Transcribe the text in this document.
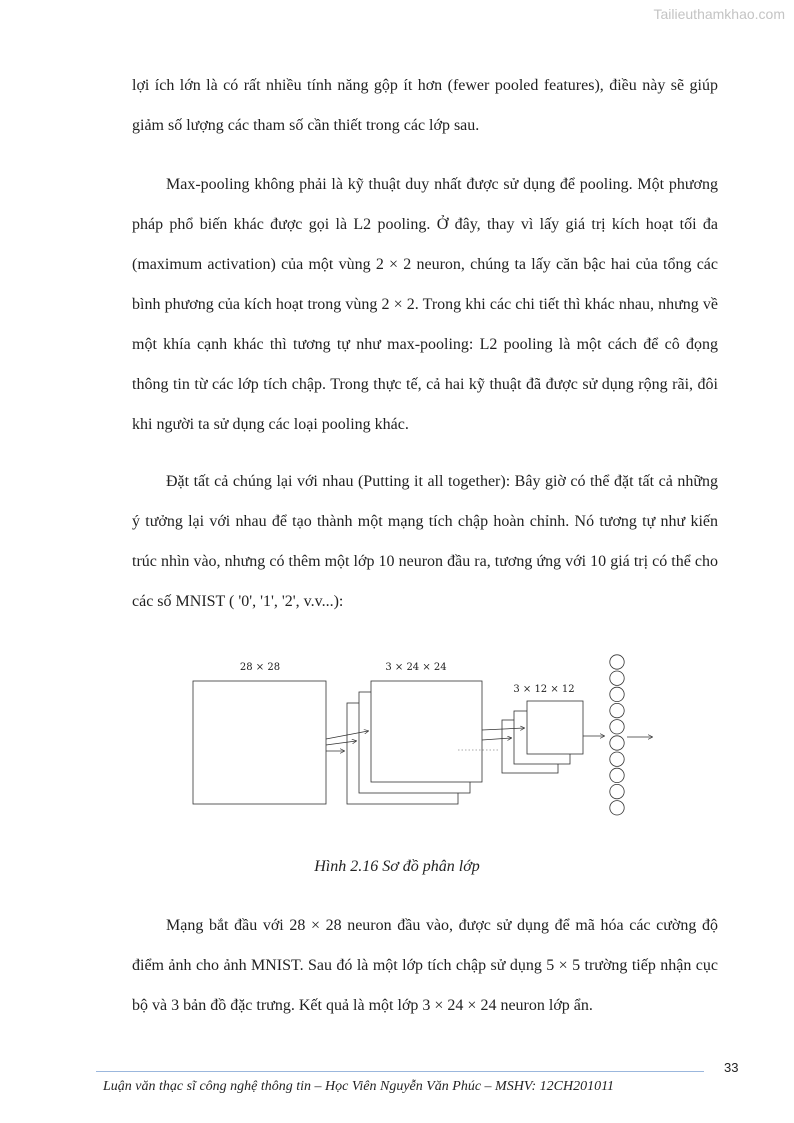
Tailieuthamkhao.com

lợi ích lớn là có rất nhiều tính năng gộp ít hơn (fewer pooled features), điều này sẽ giúp giảm số lượng các tham số cần thiết trong các lớp sau.

Max-pooling không phải là kỹ thuật duy nhất được sử dụng để pooling. Một phương pháp phổ biến khác được gọi là L2 pooling. Ở đây, thay vì lấy giá trị kích hoạt tối đa (maximum activation) của một vùng 2 × 2 neuron, chúng ta lấy căn bậc hai của tổng các bình phương của kích hoạt trong vùng 2 × 2. Trong khi các chi tiết thì khác nhau, nhưng về một khía cạnh khác thì tương tự như max-pooling: L2 pooling là một cách để cô đọng thông tin từ các lớp tích chập. Trong thực tế, cả hai kỹ thuật đã được sử dụng rộng rãi, đôi khi người ta sử dụng các loại pooling khác.

Đặt tất cả chúng lại với nhau (Putting it all together): Bây giờ có thể đặt tất cả những ý tưởng lại với nhau để tạo thành một mạng tích chập hoàn chỉnh. Nó tương tự như kiến trúc nhìn vào, nhưng có thêm một lớp 10 neuron đầu ra, tương ứng với 10 giá trị có thể cho các số MNIST ( '0', '1', '2', v.v...):

28 × 28	3 × 24 × 24
3 × 12 × 12
Hình 2.16 Sơ đồ phân lớp

Mạng bắt đầu với 28 × 28 neuron đầu vào, được sử dụng để mã hóa các cường độ điểm ảnh cho ảnh MNIST. Sau đó là một lớp tích chập sử dụng 5 × 5 trường tiếp nhận cục bộ và 3 bản đồ đặc trưng. Kết quả là một lớp 3 × 24 × 24 neuron lớp ẩn.

33
Luận văn thạc sĩ công nghệ thông tin – Học Viên Nguyễn Văn Phúc – MSHV: 12CH201011
